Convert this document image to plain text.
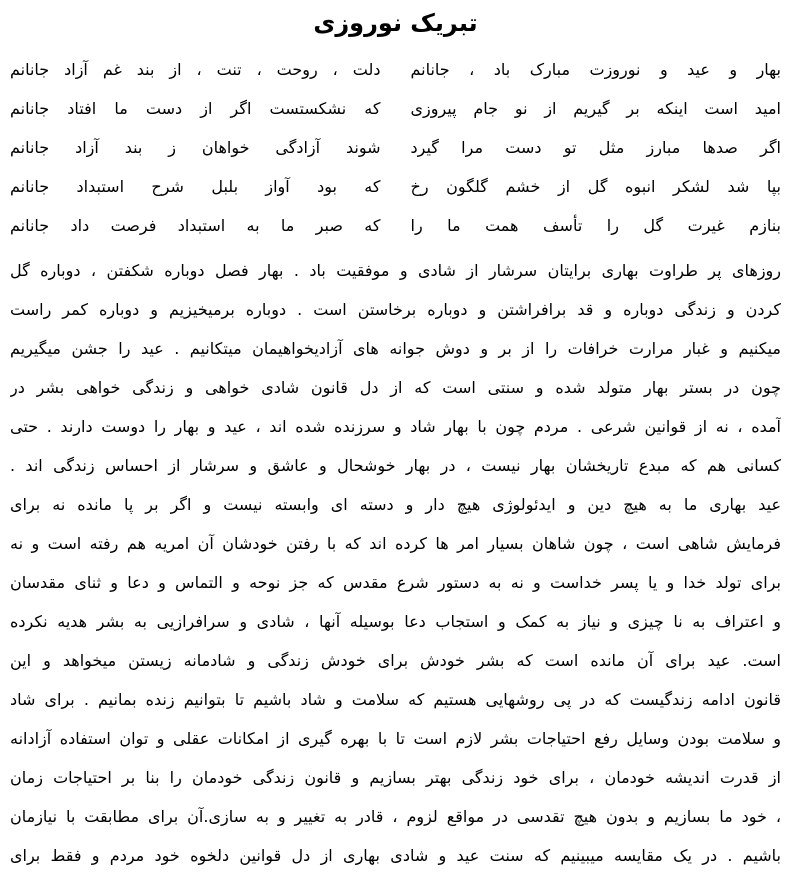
تبریک نوروزی
بهار و عید و نوروزت مبارک باد ، جانانم
دلت ، روحت ، تنت ، از بند غم آزاد جانانم
امید است اینکه بر گیریم از نو جام پیروزی
که نشکستست اگر از دست ما افتاد جانانم
اگر صدها مبارز مثل تو دست مرا گیرد
شوند آزادگی خواهان ز بند آزاد جانانم
بپا شد لشکر انبوه گل از خشم گلگون رخ
که بود آواز بلبل شرح استبداد جانانم
بنازم غیرت گل را تأسف همت ما را
که صبر ما به استبداد فرصت داد جانانم
روزهای پر طراوت بهاری برایتان سرشار از شادی و موفقیت باد . بهار فصل دوباره شکفتن ، دوباره گل
کردن و زندگی دوباره و قد برافراشتن و دوباره برخاستن است . دوباره برمیخیزیم و دوباره کمر راست
میکنیم و غبار مرارت خرافات را از بر و دوش جوانه های آزادیخواهیمان میتکانیم . عید را جشن میگیریم
چون در بستر بهار متولد شده و سنتی است که از دل قانون شادی خواهی و زندگی خواهی بشر در
آمده ، نه از قوانین شرعی . مردم چون با بهار شاد و سرزنده شده اند ، عید و بهار را دوست دارند . حتی
کسانی هم که مبدع تاریخشان بهار نیست ، در بهار خوشحال و عاشق و سرشار از احساس زندگی اند .
عید بهاری ما به هیچ دین و ایدئولوژی هیچ دار و دسته ای وابسته نیست و اگر بر پا مانده نه برای
فرمایش شاهی است ، چون شاهان بسیار امر ها کرده اند که با رفتن خودشان آن امریه هم رفته است و نه
برای تولد خدا و یا پسر خداست و نه به دستور شرع مقدس که جز نوحه و التماس و دعا و ثنای مقدسان
و اعتراف به نا چیزی و نیاز به کمک و استجاب دعا بوسیله آنها ، شادی و سرافرازیی به بشر هدیه نکرده
است. عید برای آن مانده است که بشر خودش برای خودش زندگی و شادمانه زیستن میخواهد و این
قانون ادامه زندگیست که در پی روشهایی هستیم که سلامت و شاد باشیم تا بتوانیم زنده بمانیم . برای شاد
و سلامت بودن وسایل رفع احتیاجات بشر لازم است تا با بهره گیری از امکانات عقلی و توان استفاده آزادانه
از قدرت اندیشه خودمان ، برای خود زندگی بهتر بسازیم و قانون زندگی خودمان را بنا بر احتیاجات زمان
، خود ما بسازیم و بدون هیچ تقدسی در مواقع لزوم ، قادر به تغییر و به سازی.آن برای مطابقت با نیازمان
باشیم . در یک مقایسه میبینیم که سنت عید و شادی بهاری از دل قوانین دلخوه خود مردم و فقط برای
